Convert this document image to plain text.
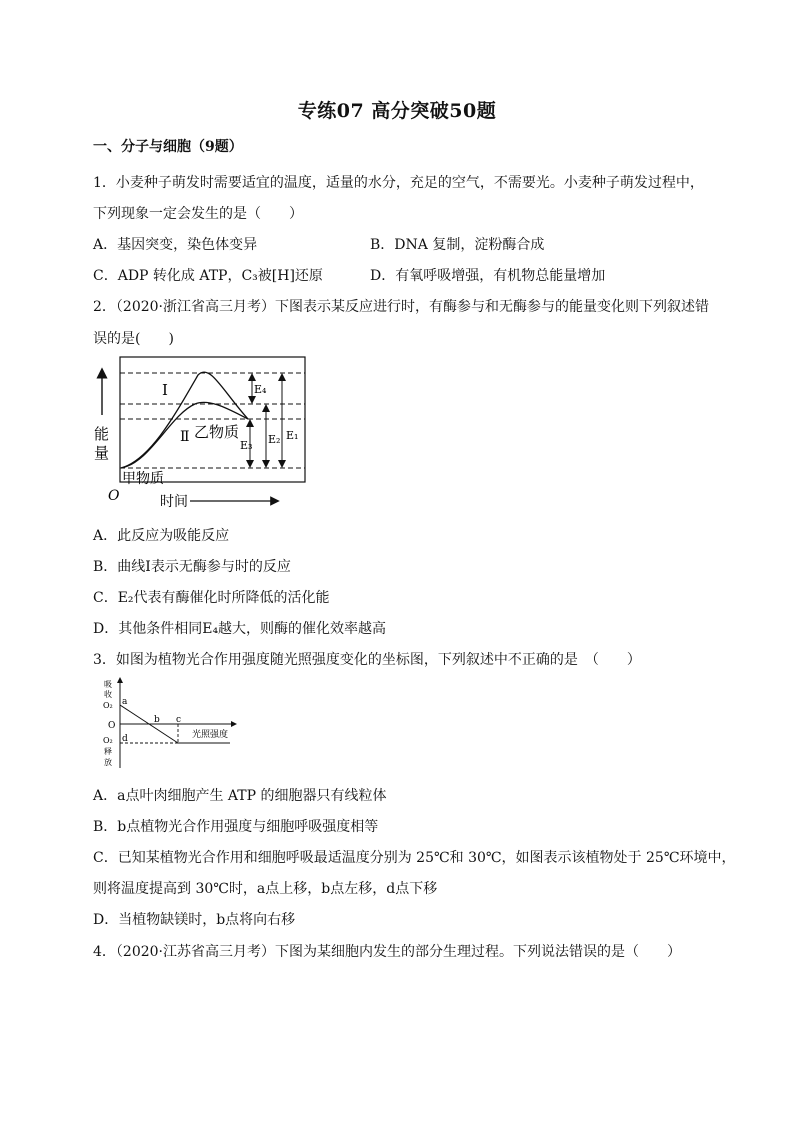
专练07 高分突破50题
一、分子与细胞（9题）
1．小麦种子萌发时需要适宜的温度，适量的水分，充足的空气，不需要光。小麦种子萌发过程中，
下列现象一定会发生的是（　　）
A．基因突变，染色体变异	B．DNA 复制，淀粉酶合成
C．ADP 转化成 ATP，C₃被[H]还原	D．有氧呼吸增强，有机物总能量增加
2．（2020·浙江省高三月考）下图表示某反应进行时，有酶参与和无酶参与的能量变化则下列叙述错
误的是(　　)
Ⅰ
Ⅱ 乙物质
甲物质
能
量
O	时间
E₄
E₃ E₂ E₁
A．此反应为吸能反应
B．曲线Ⅰ表示无酶参与时的反应
C．E₂代表有酶催化时所降低的活化能
D．其他条件相同E₄越大，则酶的催化效率越高
3．如图为植物光合作用强度随光照强度变化的坐标图，下列叙述中不正确的是　（　　）
吸
收
O₂
O
O₂
释
放
a
b c
d	光照强度
A．a点叶肉细胞产生 ATP 的细胞器只有线粒体
B．b点植物光合作用强度与细胞呼吸强度相等
C．已知某植物光合作用和细胞呼吸最适温度分别为 25℃和 30℃，如图表示该植物处于 25℃环境中，
则将温度提高到 30℃时，a点上移，b点左移，d点下移
D．当植物缺镁时，b点将向右移
4．（2020·江苏省高三月考）下图为某细胞内发生的部分生理过程。下列说法错误的是（　　）
